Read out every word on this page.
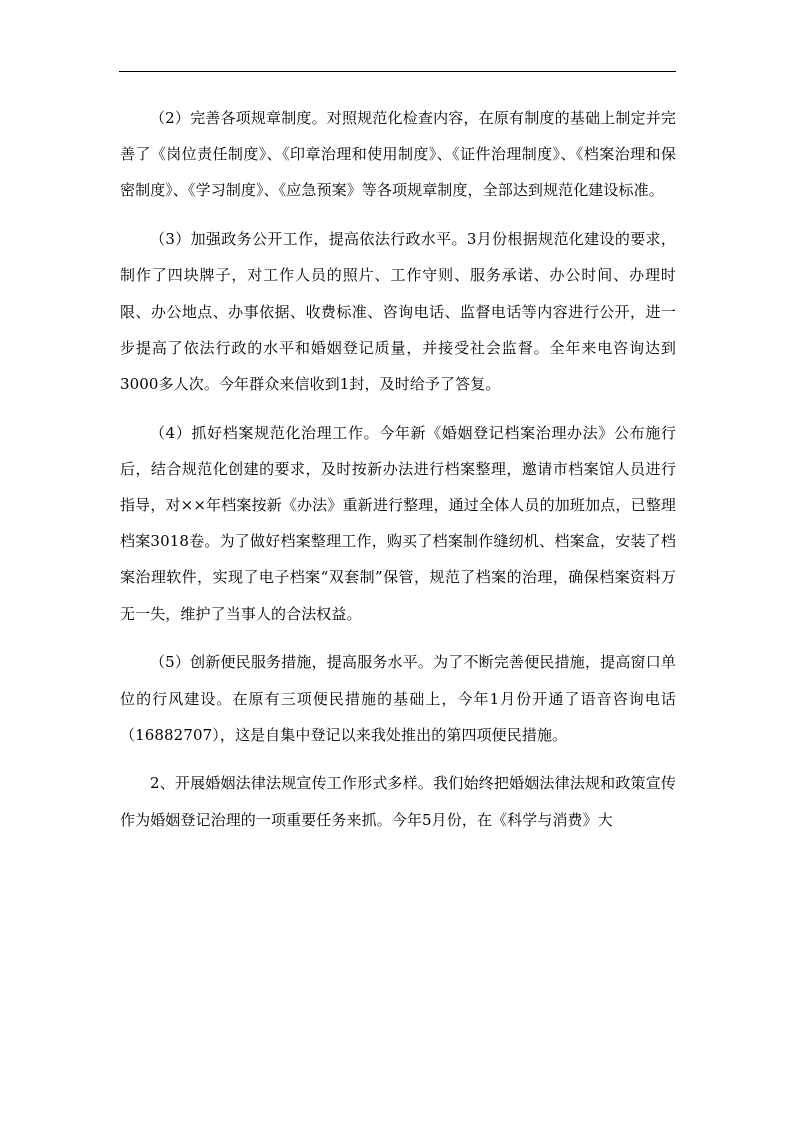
（2）完善各项规章制度。对照规范化检查内容，在原有制度的基础上制定并完善了《岗位责任制度》、《印章治理和使用制度》、《证件治理制度》、《档案治理和保密制度》、《学习制度》、《应急预案》等各项规章制度，全部达到规范化建设标准。

（3）加强政务公开工作，提高依法行政水平。3月份根据规范化建设的要求，制作了四块牌子，对工作人员的照片、工作守则、服务承诺、办公时间、办理时限、办公地点、办事依据、收费标准、咨询电话、监督电话等内容进行公开，进一步提高了依法行政的水平和婚姻登记质量，并接受社会监督。全年来电咨询达到3000多人次。今年群众来信收到1封，及时给予了答复。

（4）抓好档案规范化治理工作。今年新《婚姻登记档案治理办法》公布施行后，结合规范化创建的要求，及时按新办法进行档案整理，邀请市档案馆人员进行指导，对××年档案按新《办法》重新进行整理，通过全体人员的加班加点，已整理档案3018卷。为了做好档案整理工作，购买了档案制作缝纫机、档案盒，安装了档案治理软件，实现了电子档案“双套制”保管，规范了档案的治理，确保档案资料万无一失，维护了当事人的合法权益。

（5）创新便民服务措施，提高服务水平。为了不断完善便民措施，提高窗口单位的行风建设。在原有三项便民措施的基础上，今年1月份开通了语音咨询电话（16882707），这是自集中登记以来我处推出的第四项便民措施。

2、开展婚姻法律法规宣传工作形式多样。我们始终把婚姻法律法规和政策宣传作为婚姻登记治理的一项重要任务来抓。今年5月份，在《科学与消费》大
